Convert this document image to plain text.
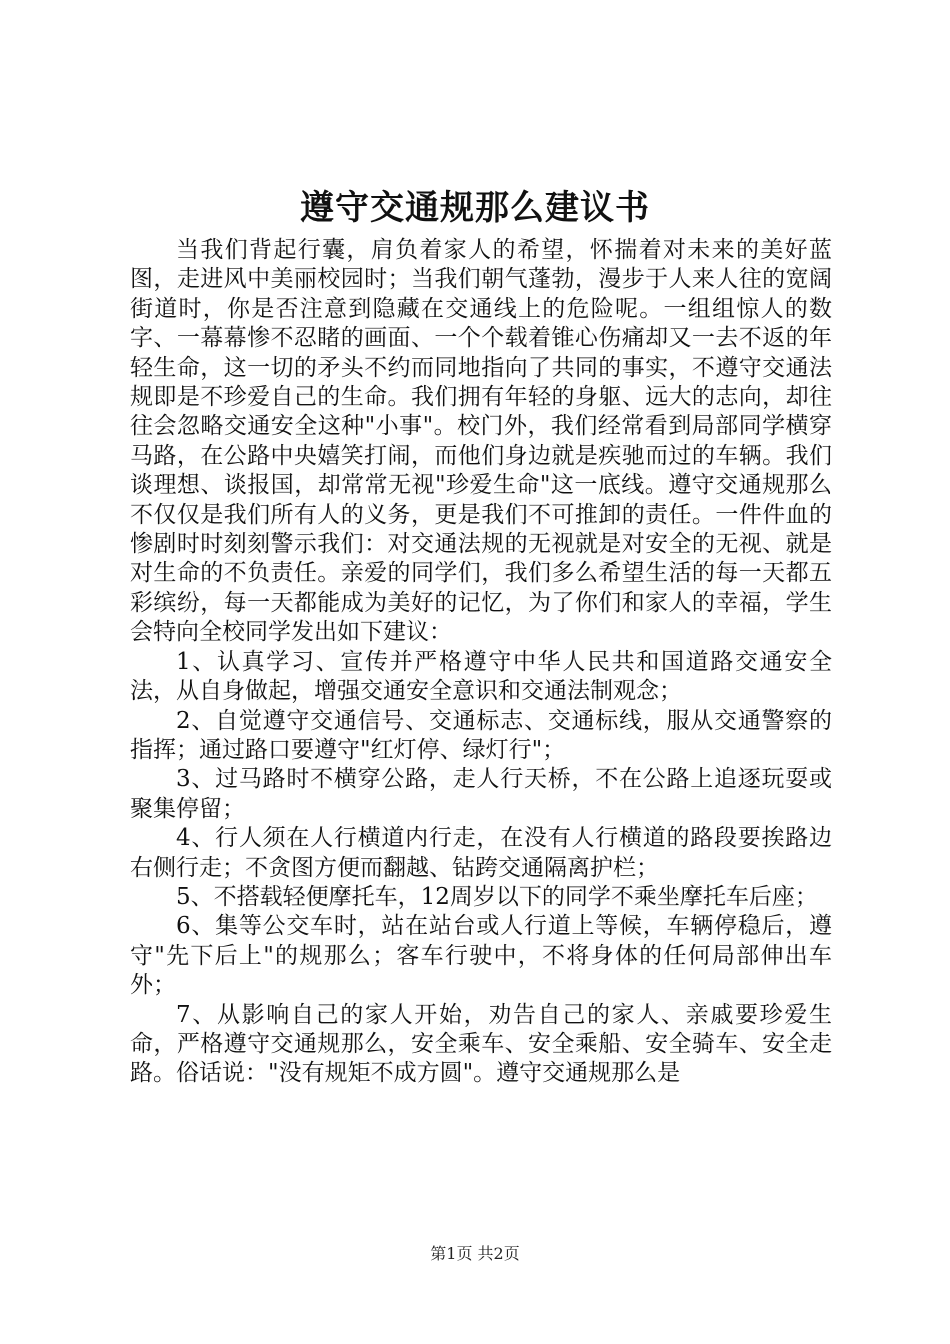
遵守交通规那么建议书

当我们背起行囊，肩负着家人的希望，怀揣着对未来的美好蓝图，走进风中美丽校园时；当我们朝气蓬勃，漫步于人来人往的宽阔街道时，你是否注意到隐藏在交通线上的危险呢。一组组惊人的数字、一幕幕惨不忍睹的画面、一个个载着锥心伤痛却又一去不返的年轻生命，这一切的矛头不约而同地指向了共同的事实，不遵守交通法规即是不珍爱自己的生命。我们拥有年轻的身躯、远大的志向，却往往会忽略交通安全这种"小事"。校门外，我们经常看到局部同学横穿马路，在公路中央嬉笑打闹，而他们身边就是疾驰而过的车辆。我们谈理想、谈报国，却常常无视"珍爱生命"这一底线。遵守交通规那么不仅仅是我们所有人的义务，更是我们不可推卸的责任。一件件血的惨剧时时刻刻警示我们：对交通法规的无视就是对安全的无视、就是对生命的不负责任。亲爱的同学们，我们多么希望生活的每一天都五彩缤纷，每一天都能成为美好的记忆，为了你们和家人的幸福，学生会特向全校同学发出如下建议：

1、认真学习、宣传并严格遵守中华人民共和国道路交通安全法，从自身做起，增强交通安全意识和交通法制观念；

2、自觉遵守交通信号、交通标志、交通标线，服从交通警察的指挥；通过路口要遵守"红灯停、绿灯行"；

3、过马路时不横穿公路，走人行天桥，不在公路上追逐玩耍或聚集停留；

4、行人须在人行横道内行走，在没有人行横道的路段要挨路边右侧行走；不贪图方便而翻越、钻跨交通隔离护栏；

5、不搭载轻便摩托车，12周岁以下的同学不乘坐摩托车后座；

6、集等公交车时，站在站台或人行道上等候，车辆停稳后，遵守"先下后上"的规那么；客车行驶中，不将身体的任何局部伸出车外；

7、从影响自己的家人开始，劝告自己的家人、亲戚要珍爱生命，严格遵守交通规那么，安全乘车、安全乘船、安全骑车、安全走路。俗话说："没有规矩不成方圆"。遵守交通规那么是

第1页 共2页
